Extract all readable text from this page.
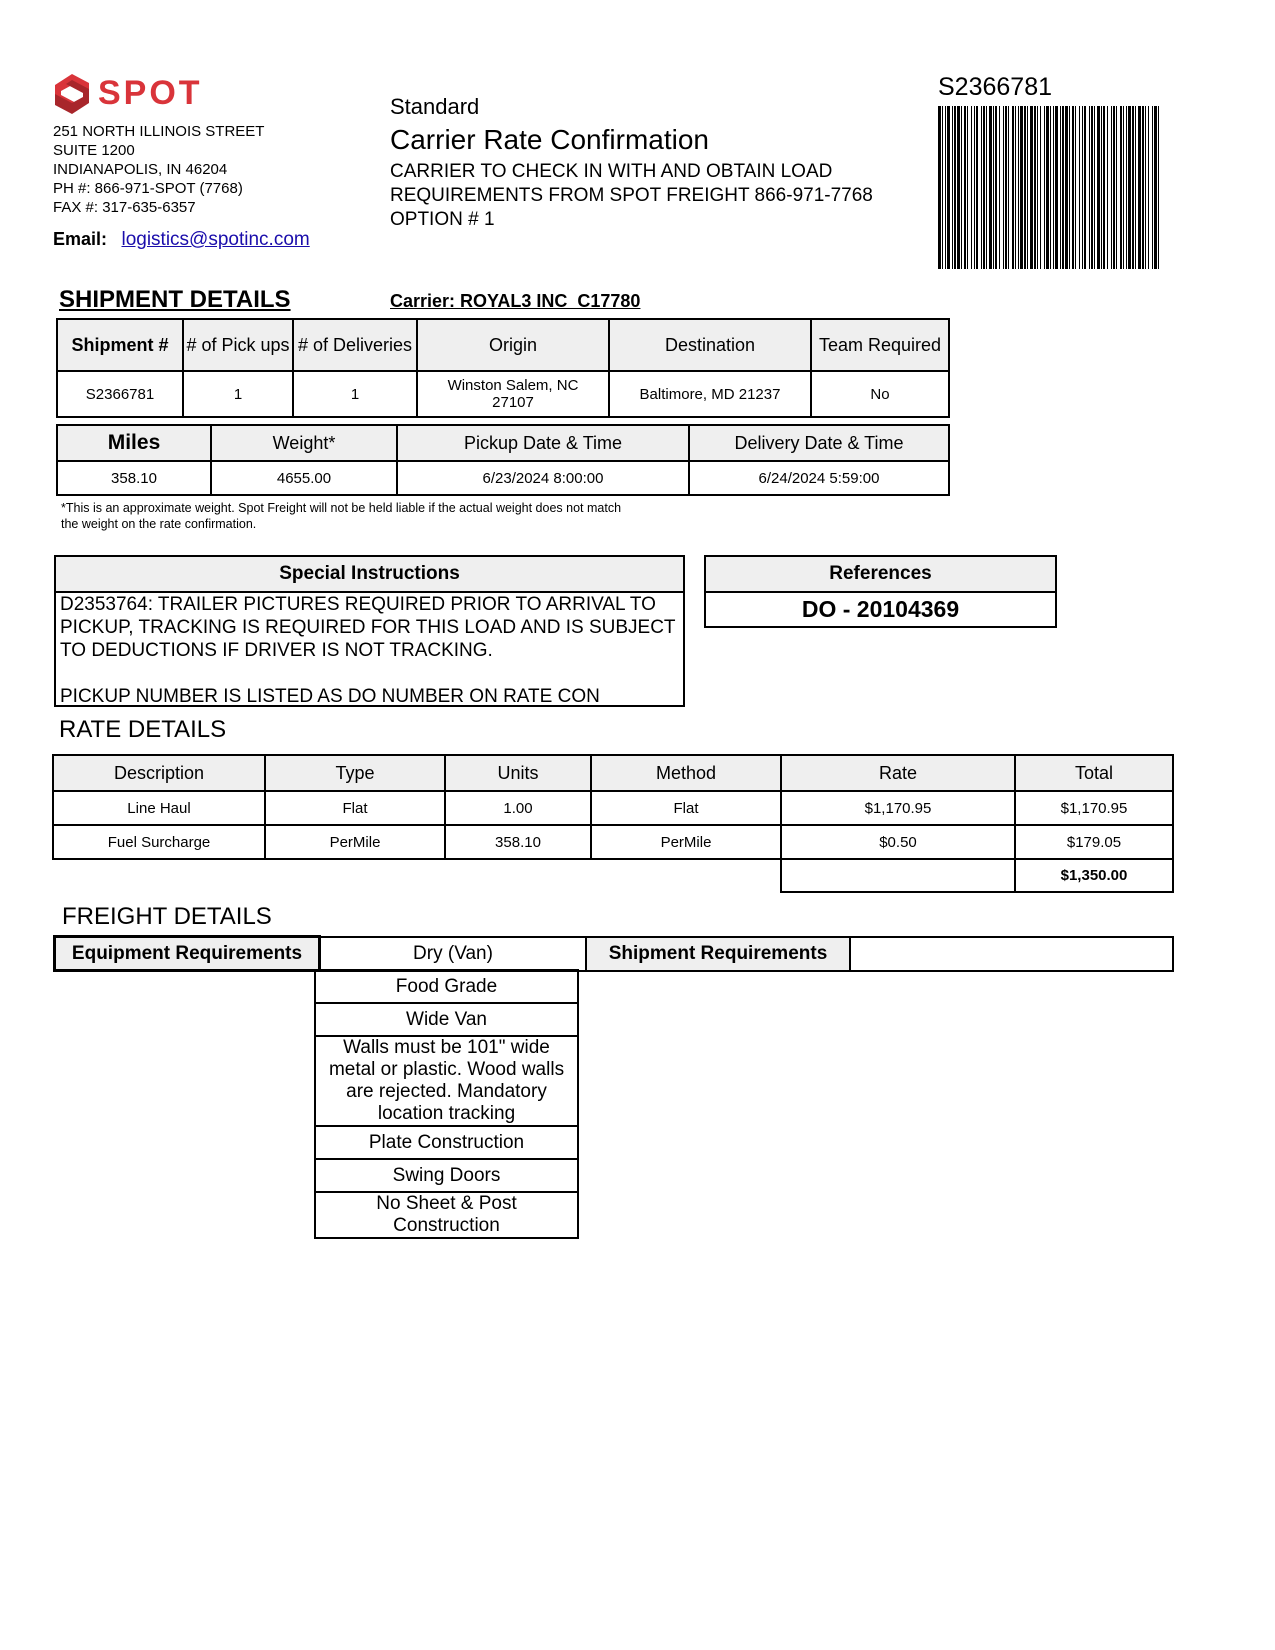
SPOT
251 NORTH ILLINOIS STREET
SUITE 1200
INDIANAPOLIS, IN 46204
PH #: 866-971-SPOT (7768)
FAX #: 317-635-6357
Email: logistics@spotinc.com
Standard
Carrier Rate Confirmation
CARRIER TO CHECK IN WITH AND OBTAIN LOAD
REQUIREMENTS FROM SPOT FREIGHT 866-971-7768
OPTION # 1
S2366781
SHIPMENT DETAILS	Carrier: ROYAL3 INC  C17780
Shipment #	# of Pick ups	# of Deliveries	Origin	Destination	Team Required
S2366781	1	1	Winston Salem, NC 27107	Baltimore, MD 21237	No
Miles	Weight*	Pickup Date & Time	Delivery Date & Time
358.10	4655.00	6/23/2024 8:00:00	6/24/2024 5:59:00
*This is an approximate weight. Spot Freight will not be held liable if the actual weight does not match the weight on the rate confirmation.
Special Instructions
D2353764: TRAILER PICTURES REQUIRED PRIOR TO ARRIVAL TO PICKUP, TRACKING IS REQUIRED FOR THIS LOAD AND IS SUBJECT TO DEDUCTIONS IF DRIVER IS NOT TRACKING.
PICKUP NUMBER IS LISTED AS DO NUMBER ON RATE CON
References
DO - 20104369
RATE DETAILS
Description	Type	Units	Method	Rate	Total
Line Haul	Flat	1.00	Flat	$1,170.95	$1,170.95
Fuel Surcharge	PerMile	358.10	PerMile	$0.50	$179.05
					$1,350.00
FREIGHT DETAILS
Equipment Requirements	Dry (Van)	Shipment Requirements	
Food Grade
Wide Van
Walls must be 101" wide metal or plastic. Wood walls are rejected. Mandatory location tracking
Plate Construction
Swing Doors
No Sheet & Post Construction
